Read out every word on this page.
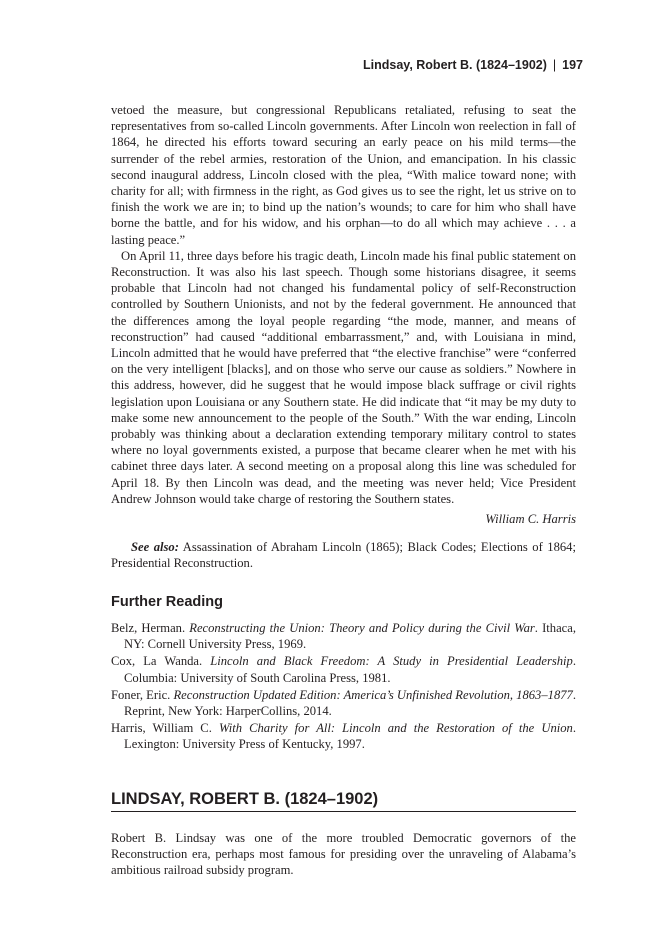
Lindsay, Robert B. (1824–1902) | 197

vetoed the measure, but congressional Republicans retaliated, refusing to seat the representatives from so-called Lincoln governments. After Lincoln won reelection in fall of 1864, he directed his efforts toward securing an early peace on his mild terms—the surrender of the rebel armies, restoration of the Union, and emancipation. In his classic second inaugural address, Lincoln closed with the plea, “With malice toward none; with charity for all; with firmness in the right, as God gives us to see the right, let us strive on to finish the work we are in; to bind up the nation’s wounds; to care for him who shall have borne the battle, and for his widow, and his orphan—to do all which may achieve . . . a lasting peace.”

On April 11, three days before his tragic death, Lincoln made his final public statement on Reconstruction. It was also his last speech. Though some historians disagree, it seems probable that Lincoln had not changed his fundamental policy of self-Reconstruction controlled by Southern Unionists, and not by the federal government. He announced that the differences among the loyal people regarding “the mode, manner, and means of reconstruction” had caused “additional embarrassment,” and, with Louisiana in mind, Lincoln admitted that he would have preferred that “the elective franchise” were “conferred on the very intelligent [blacks], and on those who serve our cause as soldiers.” Nowhere in this address, however, did he suggest that he would impose black suffrage or civil rights legislation upon Louisiana or any Southern state. He did indicate that “it may be my duty to make some new announcement to the people of the South.” With the war ending, Lincoln probably was thinking about a declaration extending temporary military control to states where no loyal governments existed, a purpose that became clearer when he met with his cabinet three days later. A second meeting on a proposal along this line was scheduled for April 18. By then Lincoln was dead, and the meeting was never held; Vice President Andrew Johnson would take charge of restoring the Southern states.

William C. Harris

See also: Assassination of Abraham Lincoln (1865); Black Codes; Elections of 1864; Presidential Reconstruction.

Further Reading

Belz, Herman. Reconstructing the Union: Theory and Policy during the Civil War. Ithaca, NY: Cornell University Press, 1969.

Cox, La Wanda. Lincoln and Black Freedom: A Study in Presidential Leadership. Columbia: University of South Carolina Press, 1981.

Foner, Eric. Reconstruction Updated Edition: America’s Unfinished Revolution, 1863–1877. Reprint, New York: HarperCollins, 2014.

Harris, William C. With Charity for All: Lincoln and the Restoration of the Union. Lexington: University Press of Kentucky, 1997.

LINDSAY, ROBERT B. (1824–1902)

Robert B. Lindsay was one of the more troubled Democratic governors of the Reconstruction era, perhaps most famous for presiding over the unraveling of Alabama’s ambitious railroad subsidy program.
